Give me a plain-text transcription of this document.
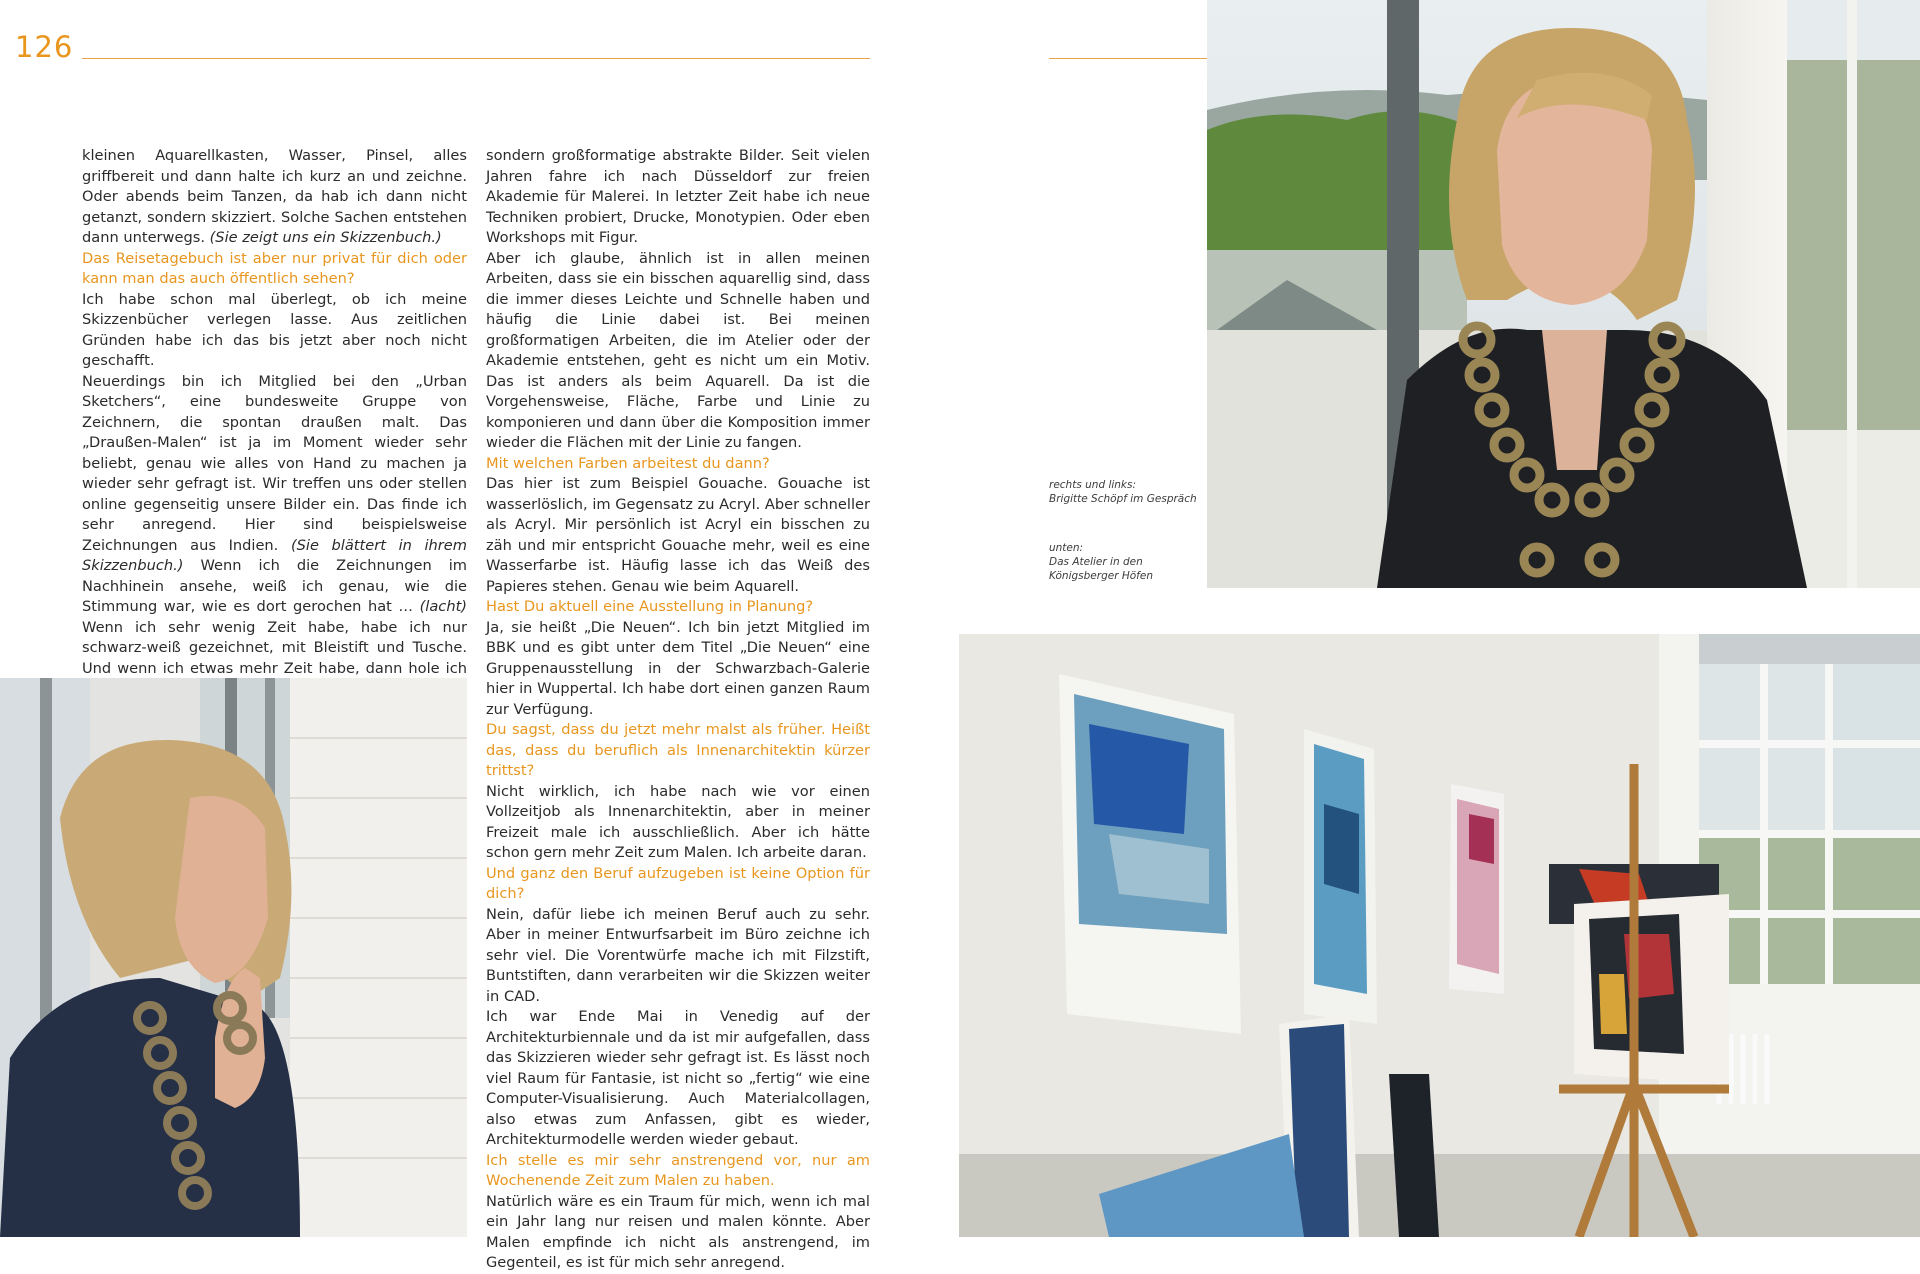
126

kleinen Aquarellkasten, Wasser, Pinsel, alles griffbereit und dann halte ich kurz an und zeichne. Oder abends beim Tanzen, da hab ich dann nicht getanzt, sondern skizziert. Solche Sachen entstehen dann unterwegs. (Sie zeigt uns ein Skizzenbuch.)

Das Reisetagebuch ist aber nur privat für dich oder kann man das auch öffentlich sehen?

Ich habe schon mal überlegt, ob ich meine Skizzenbücher verlegen lasse. Aus zeitlichen Gründen habe ich das bis jetzt aber noch nicht geschafft.

Neuerdings bin ich Mitglied bei den „Urban Sketchers“, eine bundesweite Gruppe von Zeichnern, die spontan draußen malt. Das „Draußen-Malen“ ist ja im Moment wieder sehr beliebt, genau wie alles von Hand zu machen ja wieder sehr gefragt ist. Wir treffen uns oder stellen online gegenseitig unsere Bilder ein. Das finde ich sehr anregend. Hier sind beispielsweise Zeichnungen aus Indien. (Sie blättert in ihrem Skizzenbuch.) Wenn ich die Zeichnungen im Nachhinein ansehe, weiß ich genau, wie die Stimmung war, wie es dort gerochen hat … (lacht) Wenn ich sehr wenig Zeit habe, habe ich nur schwarz-weiß gezeichnet, mit Bleistift und Tusche. Und wenn ich etwas mehr Zeit habe, dann hole ich

sondern großformatige abstrakte Bilder. Seit vielen Jahren fahre ich nach Düsseldorf zur freien Akademie für Malerei. In letzter Zeit habe ich neue Techniken probiert, Drucke, Monotypien. Oder eben Workshops mit Figur.

Aber ich glaube, ähnlich ist in allen meinen Arbeiten, dass sie ein bisschen aquarellig sind, dass die immer dieses Leichte und Schnelle haben und häufig die Linie dabei ist. Bei meinen großformatigen Arbeiten, die im Atelier oder der Akademie entstehen, geht es nicht um ein Motiv. Das ist anders als beim Aquarell. Da ist die Vorgehensweise, Fläche, Farbe und Linie zu komponieren und dann über die Komposition immer wieder die Flächen mit der Linie zu fangen.

Mit welchen Farben arbeitest du dann?

Das hier ist zum Beispiel Gouache. Gouache ist wasserlöslich, im Gegensatz zu Acryl. Aber schneller als Acryl. Mir persönlich ist Acryl ein bisschen zu zäh und mir entspricht Gouache mehr, weil es eine Wasserfarbe ist. Häufig lasse ich das Weiß des Papieres stehen. Genau wie beim Aquarell.

Hast Du aktuell eine Ausstellung in Planung?

Ja, sie heißt „Die Neuen“. Ich bin jetzt Mitglied im BBK und es gibt unter dem Titel „Die Neuen“ eine Gruppenausstellung in der Schwarzbach-Galerie hier in Wuppertal. Ich habe dort einen ganzen Raum zur Verfügung.

Du sagst, dass du jetzt mehr malst als früher. Heißt das, dass du beruflich als Innenarchitektin kürzer trittst?

Nicht wirklich, ich habe nach wie vor einen Vollzeitjob als Innenarchitektin, aber in meiner Freizeit male ich ausschließlich. Aber ich hätte schon gern mehr Zeit zum Malen. Ich arbeite daran.

Und ganz den Beruf aufzugeben ist keine Option für dich?

Nein, dafür liebe ich meinen Beruf auch zu sehr. Aber in meiner Entwurfsarbeit im Büro zeichne ich sehr viel. Die Vorentwürfe mache ich mit Filzstift, Buntstiften, dann verarbeiten wir die Skizzen weiter in CAD.

Ich war Ende Mai in Venedig auf der Architekturbiennale und da ist mir aufgefallen, dass das Skizzieren wieder sehr gefragt ist. Es lässt noch viel Raum für Fantasie, ist nicht so „fertig“ wie eine Computer-Visualisierung. Auch Materialcollagen, also etwas zum Anfassen, gibt es wieder, Architekturmodelle werden wieder gebaut.

Ich stelle es mir sehr anstrengend vor, nur am Wochenende Zeit zum Malen zu haben.

Natürlich wäre es ein Traum für mich, wenn ich mal ein Jahr lang nur reisen und malen könnte. Aber Malen empfinde ich nicht als anstrengend, im Gegenteil, es ist für mich sehr anregend.

rechts und links:
Brigitte Schöpf im Gespräch
unten:
Das Atelier in den
Königsberger Höfen
